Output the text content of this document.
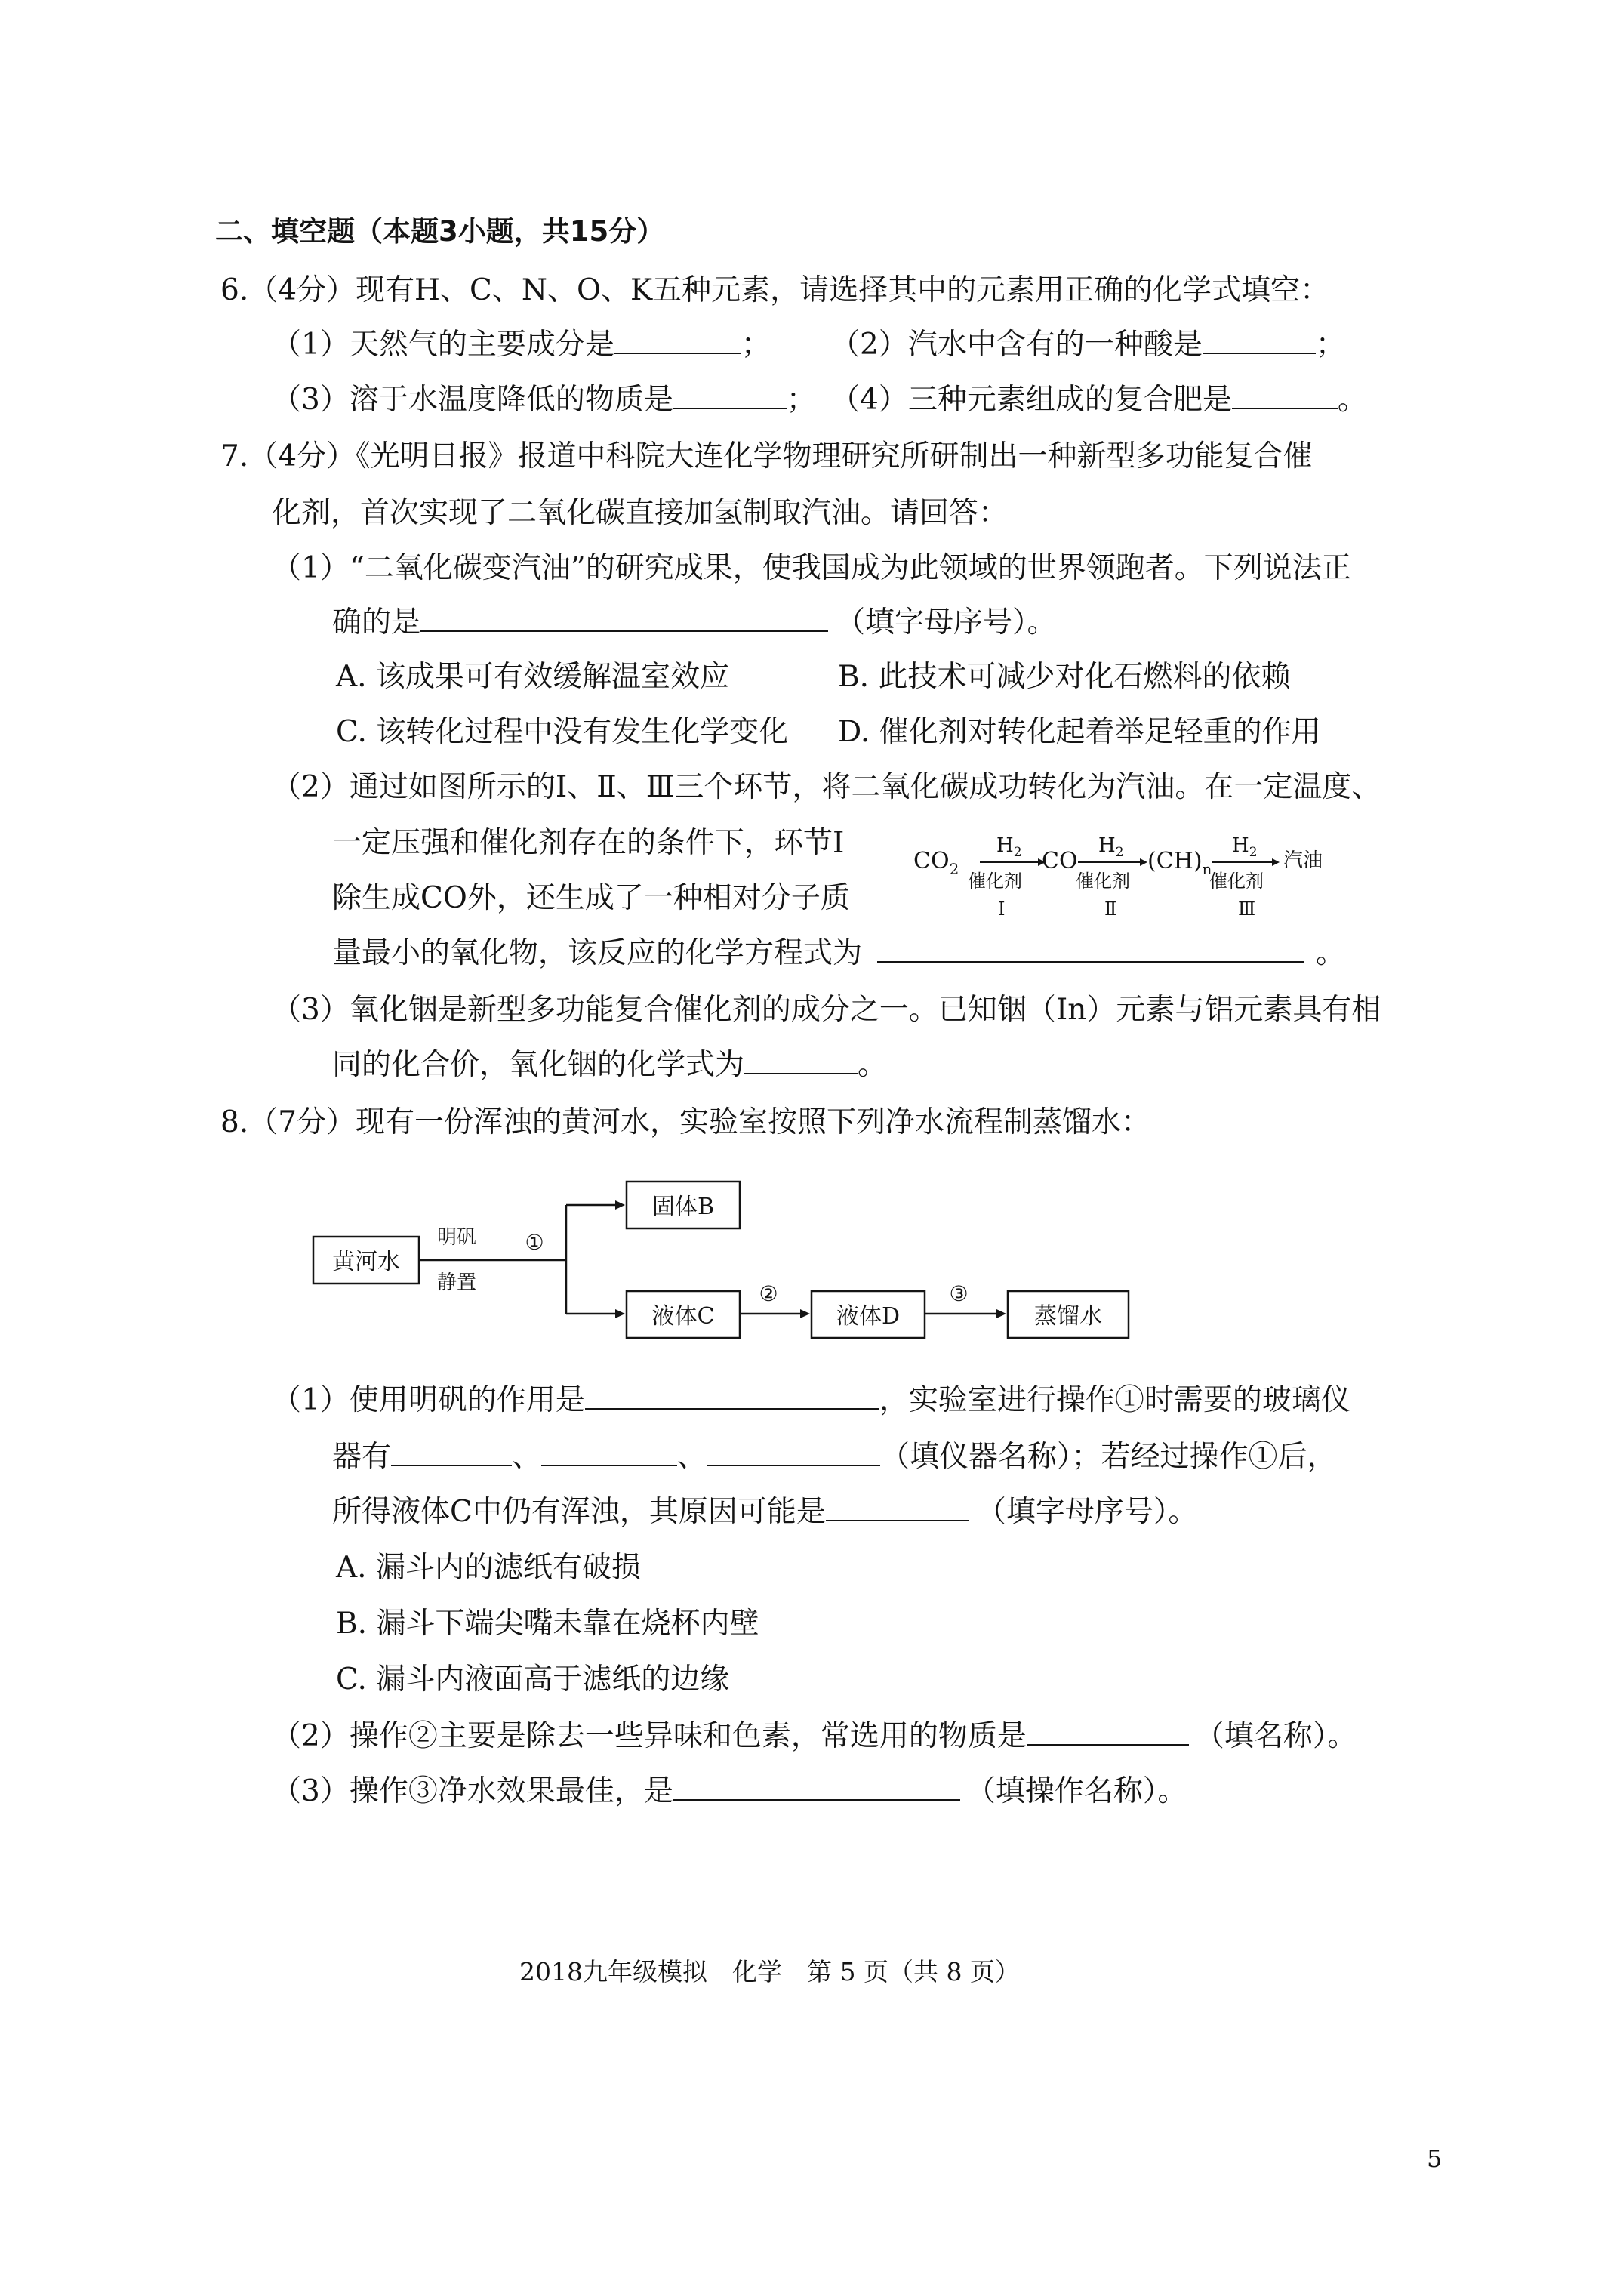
二、填空题（本题3小题，共15分）
6.（4分）现有H、C、N、O、K五种元素，请选择其中的元素用正确的化学式填空：
（1）天然气的主要成分是	； （2）汽水中含有的一种酸是	；
（3）溶于水温度降低的物质是	； （4）三种元素组成的复合肥是	。
7.（4分）《光明日报》报道中科院大连化学物理研究所研制出一种新型多功能复合催
化剂，首次实现了二氧化碳直接加氢制取汽油。请回答：
（1）“二氧化碳变汽油”的研究成果，使我国成为此领域的世界领跑者。下列说法正
确的是	（填字母序号）。
A. 该成果可有效缓解温室效应	B. 此技术可减少对化石燃料的依赖
C. 该转化过程中没有发生化学变化 D. 催化剂对转化起着举足轻重的作用
（2）通过如图所示的Ⅰ、Ⅱ、Ⅲ三个环节，将二氧化碳成功转化为汽油。在一定温度、
一定压强和催化剂存在的条件下，环节Ⅰ
除生成CO外，还生成了一种相对分子质
量最小的氧化物，该反应的化学方程式为	。
$CO_2$
$H_2$
催化剂
Ⅰ
CO
$H_2$
催化剂
Ⅱ
$(CH)_n$
$H_2$
催化剂
Ⅲ
汽油
（3）氧化铟是新型多功能复合催化剂的成分之一。已知铟（In）元素与铝元素具有相
同的化合价，氧化铟的化学式为	。
8.（7分）现有一份浑浊的黄河水，实验室按照下列净水流程制蒸馏水：
黄河水
明矾
静置
①
固体B
液体C
②
液体D
③
蒸馏水
（1）使用明矾的作用是	，实验室进行操作①时需要的玻璃仪
器有	、	、	（填仪器名称）；若经过操作①后，
所得液体C中仍有浑浊，其原因可能是	（填字母序号）。
A. 漏斗内的滤纸有破损
B. 漏斗下端尖嘴未靠在烧杯内壁
C. 漏斗内液面高于滤纸的边缘
（2）操作②主要是除去一些异味和色素，常选用的物质是	（填名称）。
（3）操作③净水效果最佳，是	（填操作名称）。
2018九年级模拟　化学　第 5 页（共 8 页）
5
